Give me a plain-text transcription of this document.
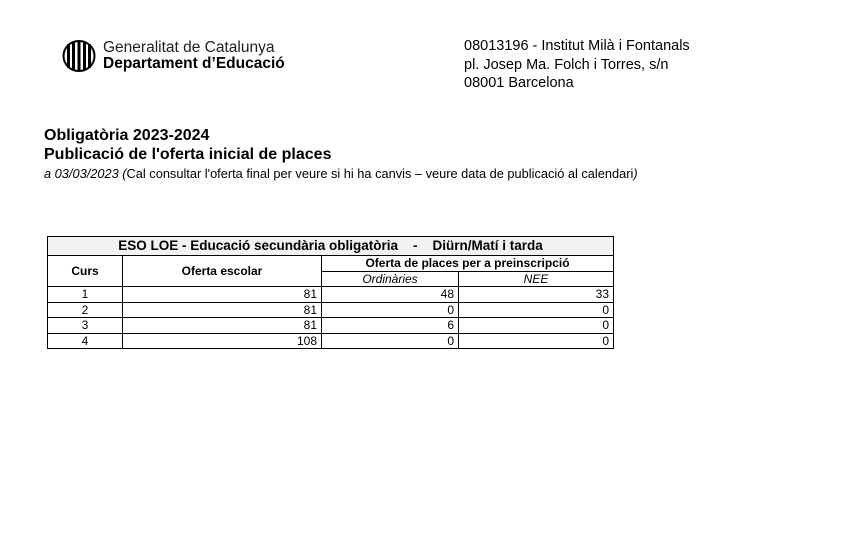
Generalitat de Catalunya
Departament d’Educació
08013196 - Institut Milà i Fontanals
pl. Josep Ma. Folch i Torres, s/n
08001 Barcelona
Obligatòria 2023-2024
Publicació de l'oferta inicial de places
a 03/03/2023 (Cal consultar l'oferta final per veure si hi ha canvis – veure data de publicació al calendari)
ESO LOE - Educació secundària obligatòria    -    Diürn/Matí i tarda			
Curs	Oferta escolar	Oferta de places per a preinscripció	
		Ordinàries	NEE
1	81	48	33
2	81	0	0
3	81	6	0
4	108	0	0
